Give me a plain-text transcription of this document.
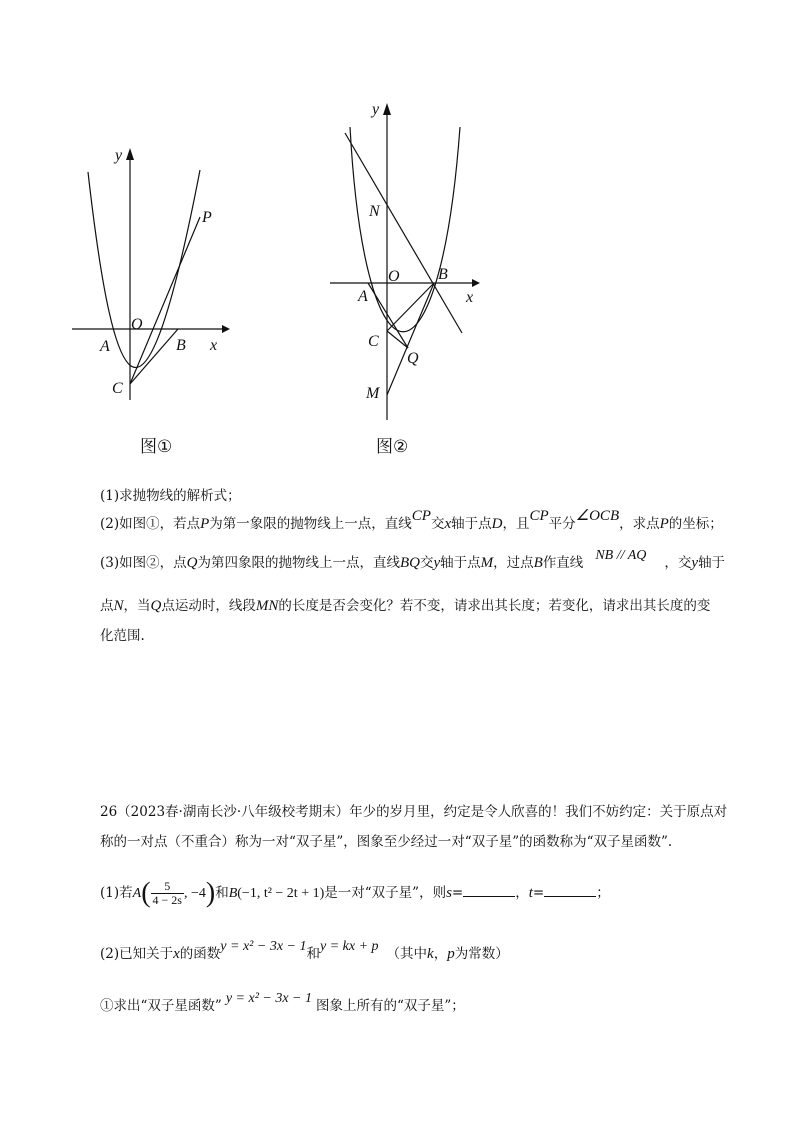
y
x
O
A	B
C
P
图①
y
x
O
A
B
C
N
Q
M
图②
(1)求抛物线的解析式；
(2)如图①，若点P为第一象限的抛物线上一点，直线CP交x轴于点D，且CP平分∠OCB，求点P的坐标；
(3)如图②，点Q为第四象限的抛物线上一点，直线BQ交y轴于点M，过点B作直线 NB // AQ ，交y轴于
点N，当Q点运动时，线段MN的长度是否会变化？若不变，请求出其长度；若变化，请求出其长度的变
化范围.
26（2023春·湖南长沙·八年级校考期末）年少的岁月里，约定是令人欣喜的！我们不妨约定：关于原点对
称的一对点（不重合）称为一对“双子星”，图象至少经过一对“双子星”的函数称为“双子星函数”.
(1)若$A( \frac{5}{4 - 2s}$ , −4)和B(−1, t² − 2t + 1)是一对“双子星”，则s=	，t=	；
(2)已知关于x的函数y = x² − 3x − 1和y = kx + p （其中k，p为常数）
①求出“双子星函数” y = x² − 3x − 1 图象上所有的“双子星”；
